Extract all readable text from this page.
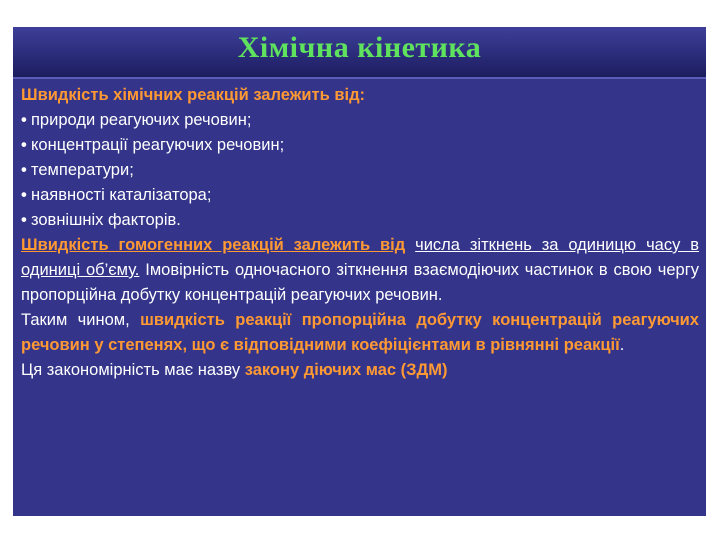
Хімічна кінетика

Швидкість хімічних реакцій залежить від:

• природи реагуючих речовин;
• концентрації реагуючих речовин;
• температури;
• наявності каталізатора;
• зовнішніх факторів.

Швидкість гомогенних реакцій залежить від числа зіткнень за одиницю часу в одиниці об’єму. Імовірність одночасного зіткнення взаємодіючих частинок в свою чергу пропорційна добутку концентрацій реагуючих речовин.

Таким чином, швидкість реакції пропорційна добутку концентрацій реагуючих речовин у степенях, що є відповідними коефіцієнтами в рівнянні реакції.

Ця закономірність має назву закону діючих мас (ЗДМ)
